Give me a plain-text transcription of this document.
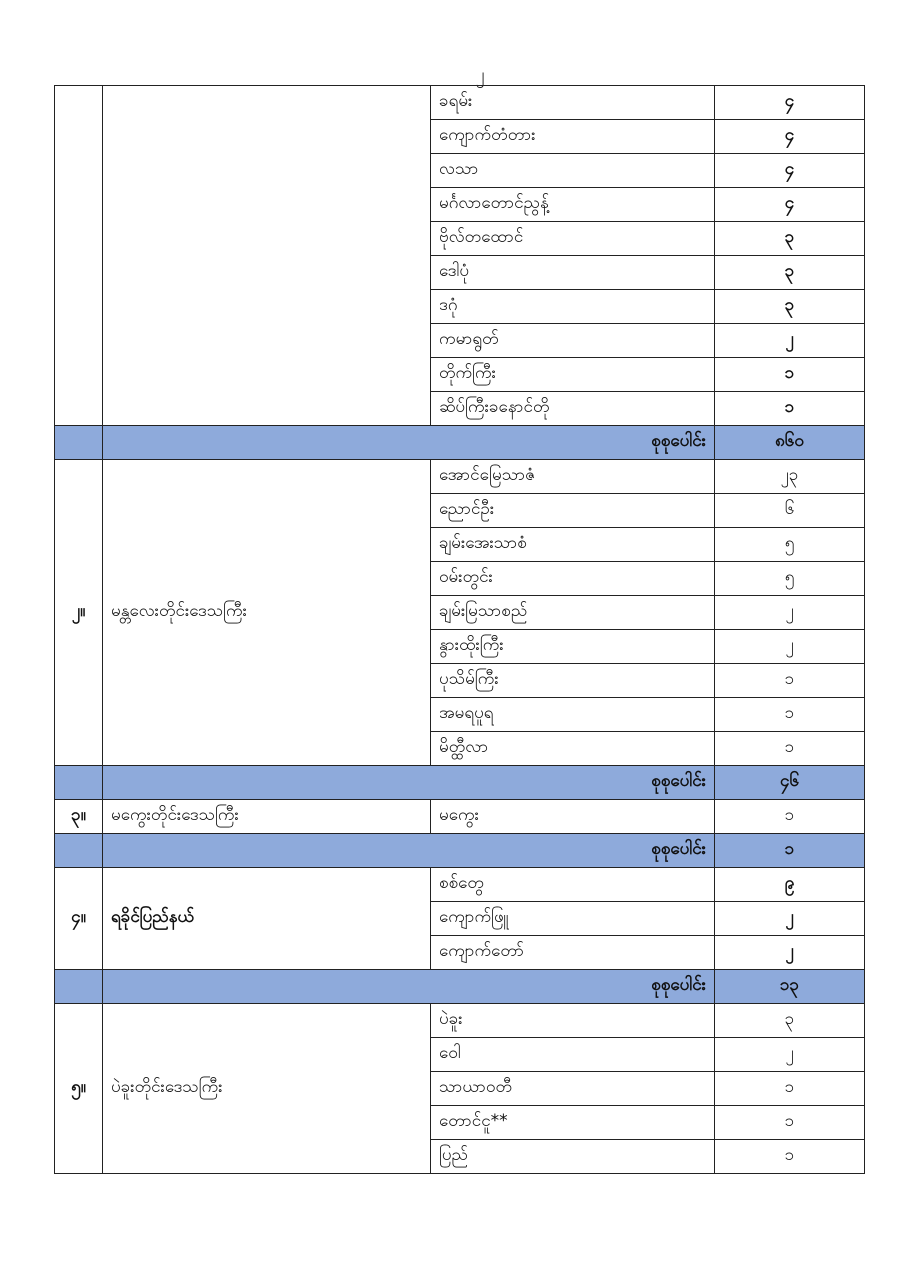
၂
		ခရမ်း	၄
		ကျောက်တံတား	၄
		လသာ	၄
		မင်္ဂလာတောင်ညွန့်	၄
		ဗိုလ်တထောင်	၃
		ဒေါပုံ	၃
		ဒဂုံ	၃
		ကမာရွတ်	၂
		တိုက်ကြီး	၁
		ဆိပ်ကြီးခနောင်တို	၁
	စုစုပေါင်း		၈၆၀
၂။	မန္တလေးတိုင်းဒေသကြီး	အောင်မြေသာဇံ	၂၃
		ညောင်ဦး	၆
		ချမ်းအေးသာစံ	၅
		ဝမ်းတွင်း	၅
		ချမ်းမြသာစည်	၂
		နွားထိုးကြီး	၂
		ပုသိမ်ကြီး	၁
		အမရပူရ	၁
		မိတ္ထီလာ	၁
	စုစုပေါင်း		၄၆
၃။	မကွေးတိုင်းဒေသကြီး	မကွေး	၁
	စုစုပေါင်း		၁
၄။	ရခိုင်ပြည်နယ်	စစ်တွေ	၉
		ကျောက်ဖြူ	၂
		ကျောက်တော်	၂
	စုစုပေါင်း		၁၃
၅။	ပဲခူးတိုင်းဒေသကြီး	ပဲခူး	၃
		ဝေါ	၂
		သာယာဝတီ	၁
		တောင်ငူ**	၁
		ပြည်	၁
